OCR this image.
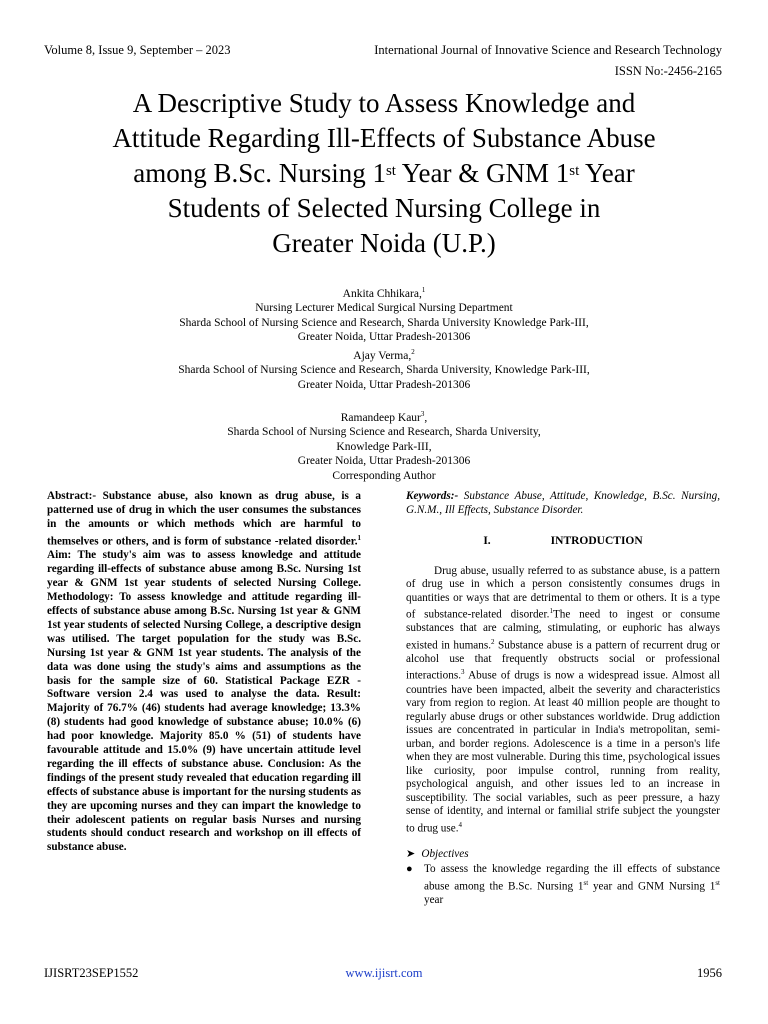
Volume 8, Issue 9, September – 2023	International Journal of Innovative Science and Research Technology
ISSN No:-2456-2165
A Descriptive Study to Assess Knowledge and
Attitude Regarding Ill-Effects of Substance Abuse
among B.Sc. Nursing 1st Year & GNM 1st Year
Students of Selected Nursing College in
Greater Noida (U.P.)
Ankita Chhikara,$^1$
Nursing Lecturer Medical Surgical Nursing Department
Sharda School of Nursing Science and Research, Sharda University Knowledge Park-III,
Greater Noida, Uttar Pradesh-201306
Ajay Verma,$^2$
Sharda School of Nursing Science and Research, Sharda University, Knowledge Park-III,
Greater Noida, Uttar Pradesh-201306
Ramandeep Kaur$^3$,
Sharda School of Nursing Science and Research, Sharda University,
Knowledge Park-III,
Greater Noida, Uttar Pradesh-201306
Corresponding Author
Abstract:- Substance abuse, also known as drug abuse, is a patterned use of drug in which the user consumes the substances in the amounts or which methods which are harmful to themselves or others, and is form of substance -related disorder.$^1$ Aim: The study's aim was to assess knowledge and attitude regarding ill-effects of substance abuse among B.Sc. Nursing 1st year & GNM 1st year students of selected Nursing College. Methodology: To assess knowledge and attitude regarding ill-effects of substance abuse among B.Sc. Nursing 1st year & GNM 1st year students of selected Nursing College, a descriptive design was utilised. The target population for the study was B.Sc. Nursing 1st year & GNM 1st year students. The analysis of the data was done using the study's aims and assumptions as the basis for the sample size of 60. Statistical Package EZR - Software version 2.4 was used to analyse the data. Result: Majority of 76.7% (46) students had average knowledge; 13.3% (8) students had good knowledge of substance abuse; 10.0% (6) had poor knowledge. Majority 85.0 % (51) of students have favourable attitude and 15.0% (9) have uncertain attitude level regarding the ill effects of substance abuse. Conclusion: As the findings of the present study revealed that education regarding ill effects of substance abuse is important for the nursing students as they are upcoming nurses and they can impart the knowledge to their adolescent patients on regular basis Nurses and nursing students should conduct research and workshop on ill effects of substance abuse.
Keywords:- Substance Abuse, Attitude, Knowledge, B.Sc. Nursing, G.N.M., Ill Effects, Substance Disorder.
I.	INTRODUCTION

Drug abuse, usually referred to as substance abuse, is a pattern of drug use in which a person consistently consumes drugs in quantities or ways that are detrimental to them or others. It is a type of substance-related disorder.$^1$The need to ingest or consume substances that are calming, stimulating, or euphoric has always existed in humans.$^2$ Substance abuse is a pattern of recurrent drug or alcohol use that frequently obstructs social or professional interactions.$^3$ Abuse of drugs is now a widespread issue. Almost all countries have been impacted, albeit the severity and characteristics vary from region to region. At least 40 million people are thought to regularly abuse drugs or other substances worldwide. Drug addiction issues are concentrated in particular in India's metropolitan, semi-urban, and border regions. Adolescence is a time in a person's life when they are most vulnerable. During this time, psychological issues like curiosity, poor impulse control, running from reality, psychological anguish, and other issues led to an increase in susceptibility. The social variables, such as peer pressure, a hazy sense of identity, and internal or familial strife subject the youngster to drug use.$^4$

➤ Objectives
●	To assess the knowledge regarding the ill effects of substance abuse among the B.Sc. Nursing 1st year and GNM Nursing 1st year
IJISRT23SEP1552	www.ijisrt.com	1956
